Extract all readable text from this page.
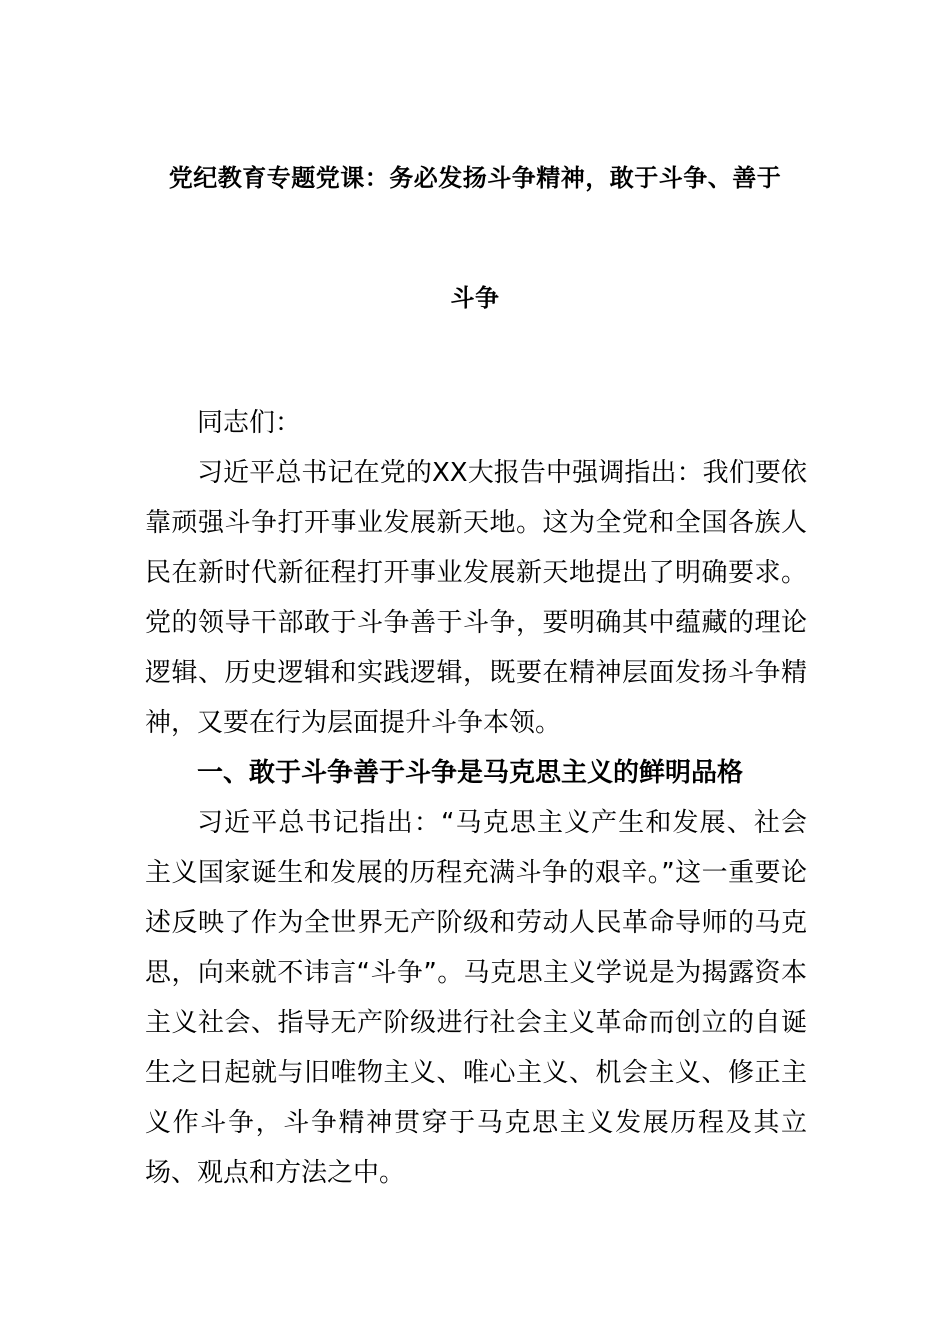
党纪教育专题党课：务必发扬斗争精神，敢于斗争、善于
斗争

同志们：

习近平总书记在党的XX大报告中强调指出：我们要依靠顽强斗争打开事业发展新天地。这为全党和全国各族人民在新时代新征程打开事业发展新天地提出了明确要求。党的领导干部敢于斗争善于斗争，要明确其中蕴藏的理论逻辑、历史逻辑和实践逻辑，既要在精神层面发扬斗争精神，又要在行为层面提升斗争本领。

一、敢于斗争善于斗争是马克思主义的鲜明品格

习近平总书记指出：“马克思主义产生和发展、社会主义国家诞生和发展的历程充满斗争的艰辛。”这一重要论述反映了作为全世界无产阶级和劳动人民革命导师的马克思，向来就不讳言“斗争”。马克思主义学说是为揭露资本主义社会、指导无产阶级进行社会主义革命而创立的自诞生之日起就与旧唯物主义、唯心主义、机会主义、修正主义作斗争，斗争精神贯穿于马克思主义发展历程及其立场、观点和方法之中。
